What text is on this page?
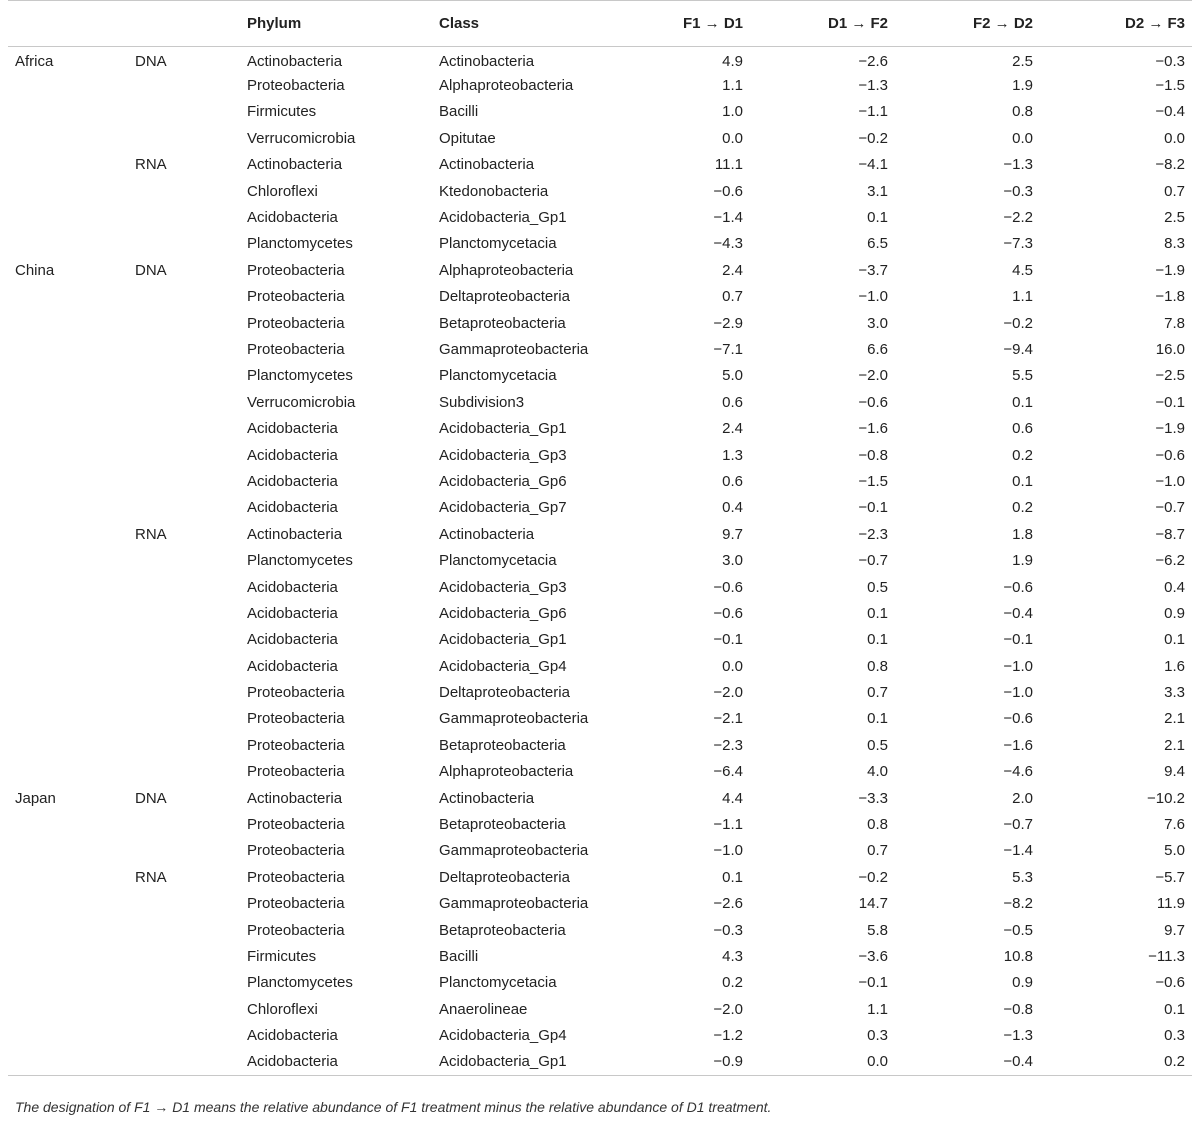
		Phylum	Class	F1 → D1	D1 → F2	F2 → D2	D2 → F3
Africa	DNA	Actinobacteria	Actinobacteria	4.9	−2.6	2.5	−0.3
		Proteobacteria	Alphaproteobacteria	1.1	−1.3	1.9	−1.5
		Firmicutes	Bacilli	1.0	−1.1	0.8	−0.4
		Verrucomicrobia	Opitutae	0.0	−0.2	0.0	0.0
	RNA	Actinobacteria	Actinobacteria	11.1	−4.1	−1.3	−8.2
		Chloroflexi	Ktedonobacteria	−0.6	3.1	−0.3	0.7
		Acidobacteria	Acidobacteria_Gp1	−1.4	0.1	−2.2	2.5
		Planctomycetes	Planctomycetacia	−4.3	6.5	−7.3	8.3
China	DNA	Proteobacteria	Alphaproteobacteria	2.4	−3.7	4.5	−1.9
		Proteobacteria	Deltaproteobacteria	0.7	−1.0	1.1	−1.8
		Proteobacteria	Betaproteobacteria	−2.9	3.0	−0.2	7.8
		Proteobacteria	Gammaproteobacteria	−7.1	6.6	−9.4	16.0
		Planctomycetes	Planctomycetacia	5.0	−2.0	5.5	−2.5
		Verrucomicrobia	Subdivision3	0.6	−0.6	0.1	−0.1
		Acidobacteria	Acidobacteria_Gp1	2.4	−1.6	0.6	−1.9
		Acidobacteria	Acidobacteria_Gp3	1.3	−0.8	0.2	−0.6
		Acidobacteria	Acidobacteria_Gp6	0.6	−1.5	0.1	−1.0
		Acidobacteria	Acidobacteria_Gp7	0.4	−0.1	0.2	−0.7
	RNA	Actinobacteria	Actinobacteria	9.7	−2.3	1.8	−8.7
		Planctomycetes	Planctomycetacia	3.0	−0.7	1.9	−6.2
		Acidobacteria	Acidobacteria_Gp3	−0.6	0.5	−0.6	0.4
		Acidobacteria	Acidobacteria_Gp6	−0.6	0.1	−0.4	0.9
		Acidobacteria	Acidobacteria_Gp1	−0.1	0.1	−0.1	0.1
		Acidobacteria	Acidobacteria_Gp4	0.0	0.8	−1.0	1.6
		Proteobacteria	Deltaproteobacteria	−2.0	0.7	−1.0	3.3
		Proteobacteria	Gammaproteobacteria	−2.1	0.1	−0.6	2.1
		Proteobacteria	Betaproteobacteria	−2.3	0.5	−1.6	2.1
		Proteobacteria	Alphaproteobacteria	−6.4	4.0	−4.6	9.4
Japan	DNA	Actinobacteria	Actinobacteria	4.4	−3.3	2.0	−10.2
		Proteobacteria	Betaproteobacteria	−1.1	0.8	−0.7	7.6
		Proteobacteria	Gammaproteobacteria	−1.0	0.7	−1.4	5.0
	RNA	Proteobacteria	Deltaproteobacteria	0.1	−0.2	5.3	−5.7
		Proteobacteria	Gammaproteobacteria	−2.6	14.7	−8.2	11.9
		Proteobacteria	Betaproteobacteria	−0.3	5.8	−0.5	9.7
		Firmicutes	Bacilli	4.3	−3.6	10.8	−11.3
		Planctomycetes	Planctomycetacia	0.2	−0.1	0.9	−0.6
		Chloroflexi	Anaerolineae	−2.0	1.1	−0.8	0.1
		Acidobacteria	Acidobacteria_Gp4	−1.2	0.3	−1.3	0.3
		Acidobacteria	Acidobacteria_Gp1	−0.9	0.0	−0.4	0.2
The designation of F1 → D1 means the relative abundance of F1 treatment minus the relative abundance of D1 treatment.
